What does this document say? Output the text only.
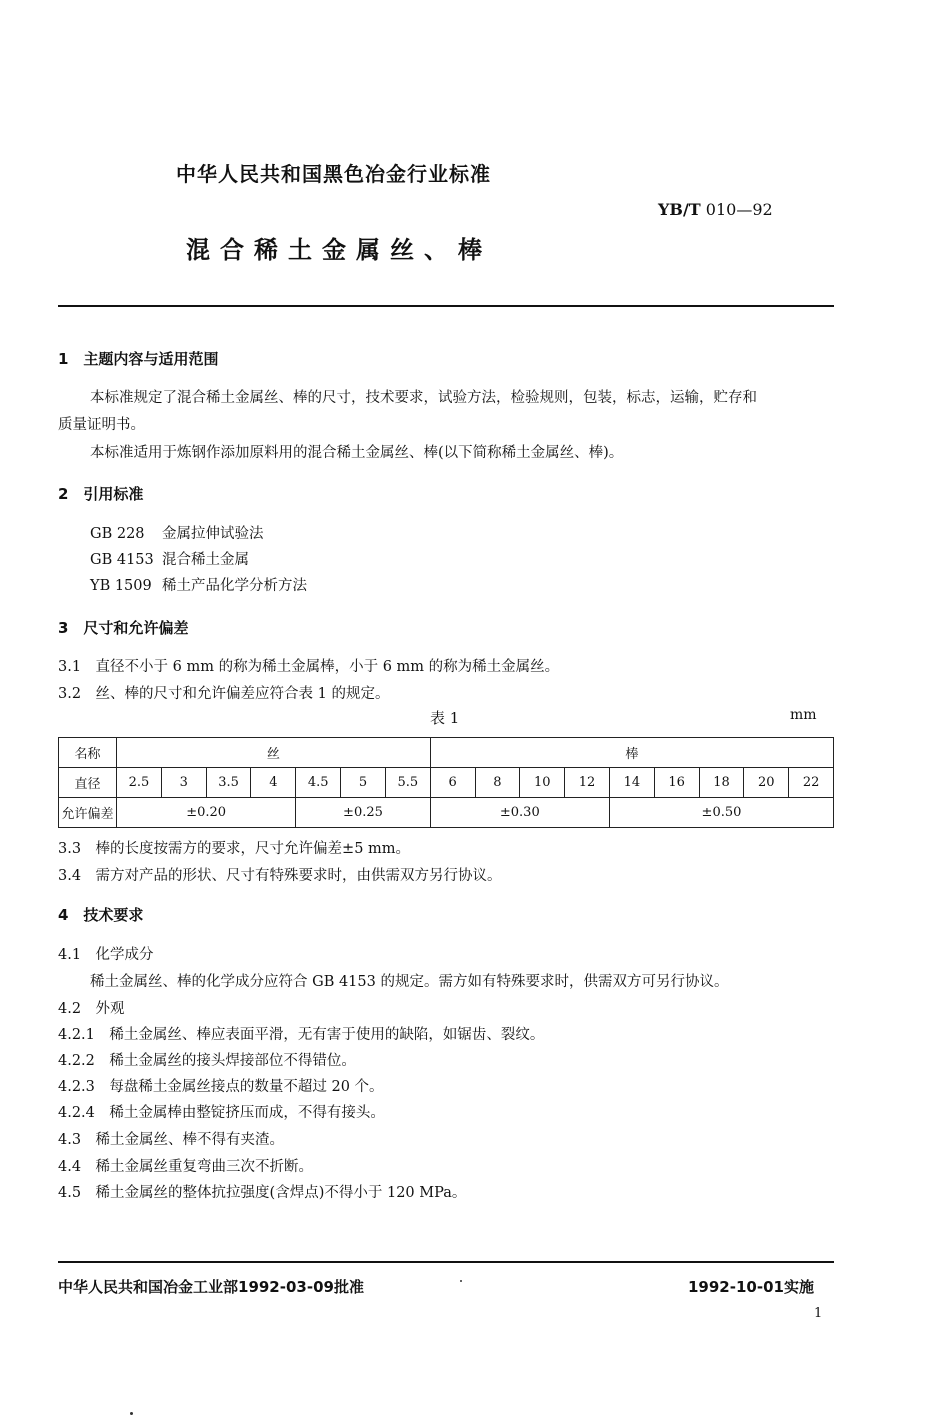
中华人民共和国黑色冶金行业标准
YB/T 010—92
混合稀土金属丝、棒
1　主题内容与适用范围
本标准规定了混合稀土金属丝、棒的尺寸，技术要求，试验方法，检验规则，包装，标志，运输，贮存和
质量证明书。
本标准适用于炼钢作添加原料用的混合稀土金属丝、棒(以下简称稀土金属丝、棒)。
2　引用标准
GB 228 金属拉伸试验法
GB 4153 混合稀土金属
YB 1509 稀土产品化学分析方法
3　尺寸和允许偏差
3.1　直径不小于 6 mm 的称为稀土金属棒，小于 6 mm 的称为稀土金属丝。
3.2　丝、棒的尺寸和允许偏差应符合表 1 的规定。
表 1	mm
名称	丝							棒								
直径	2.5	3	3.5	4	4.5	5	5.5	6	8	10	12	14	16	18	20	22
允许偏差	±0.20				±0.25			±0.30				±0.50				
3.3　棒的长度按需方的要求，尺寸允许偏差±5 mm。
3.4　需方对产品的形状、尺寸有特殊要求时，由供需双方另行协议。
4　技术要求
4.1　化学成分
稀土金属丝、棒的化学成分应符合 GB 4153 的规定。需方如有特殊要求时，供需双方可另行协议。
4.2　外观
4.2.1　稀土金属丝、棒应表面平滑，无有害于使用的缺陷，如锯齿、裂纹。
4.2.2　稀土金属丝的接头焊接部位不得错位。
4.2.3　每盘稀土金属丝接点的数量不超过 20 个。
4.2.4　稀土金属棒由整锭挤压而成，不得有接头。
4.3　稀土金属丝、棒不得有夹渣。
4.4　稀土金属丝重复弯曲三次不折断。
4.5　稀土金属丝的整体抗拉强度(含焊点)不得小于 120 MPa。
中华人民共和国冶金工业部1992-03-09批准	1992-10-01实施
1
